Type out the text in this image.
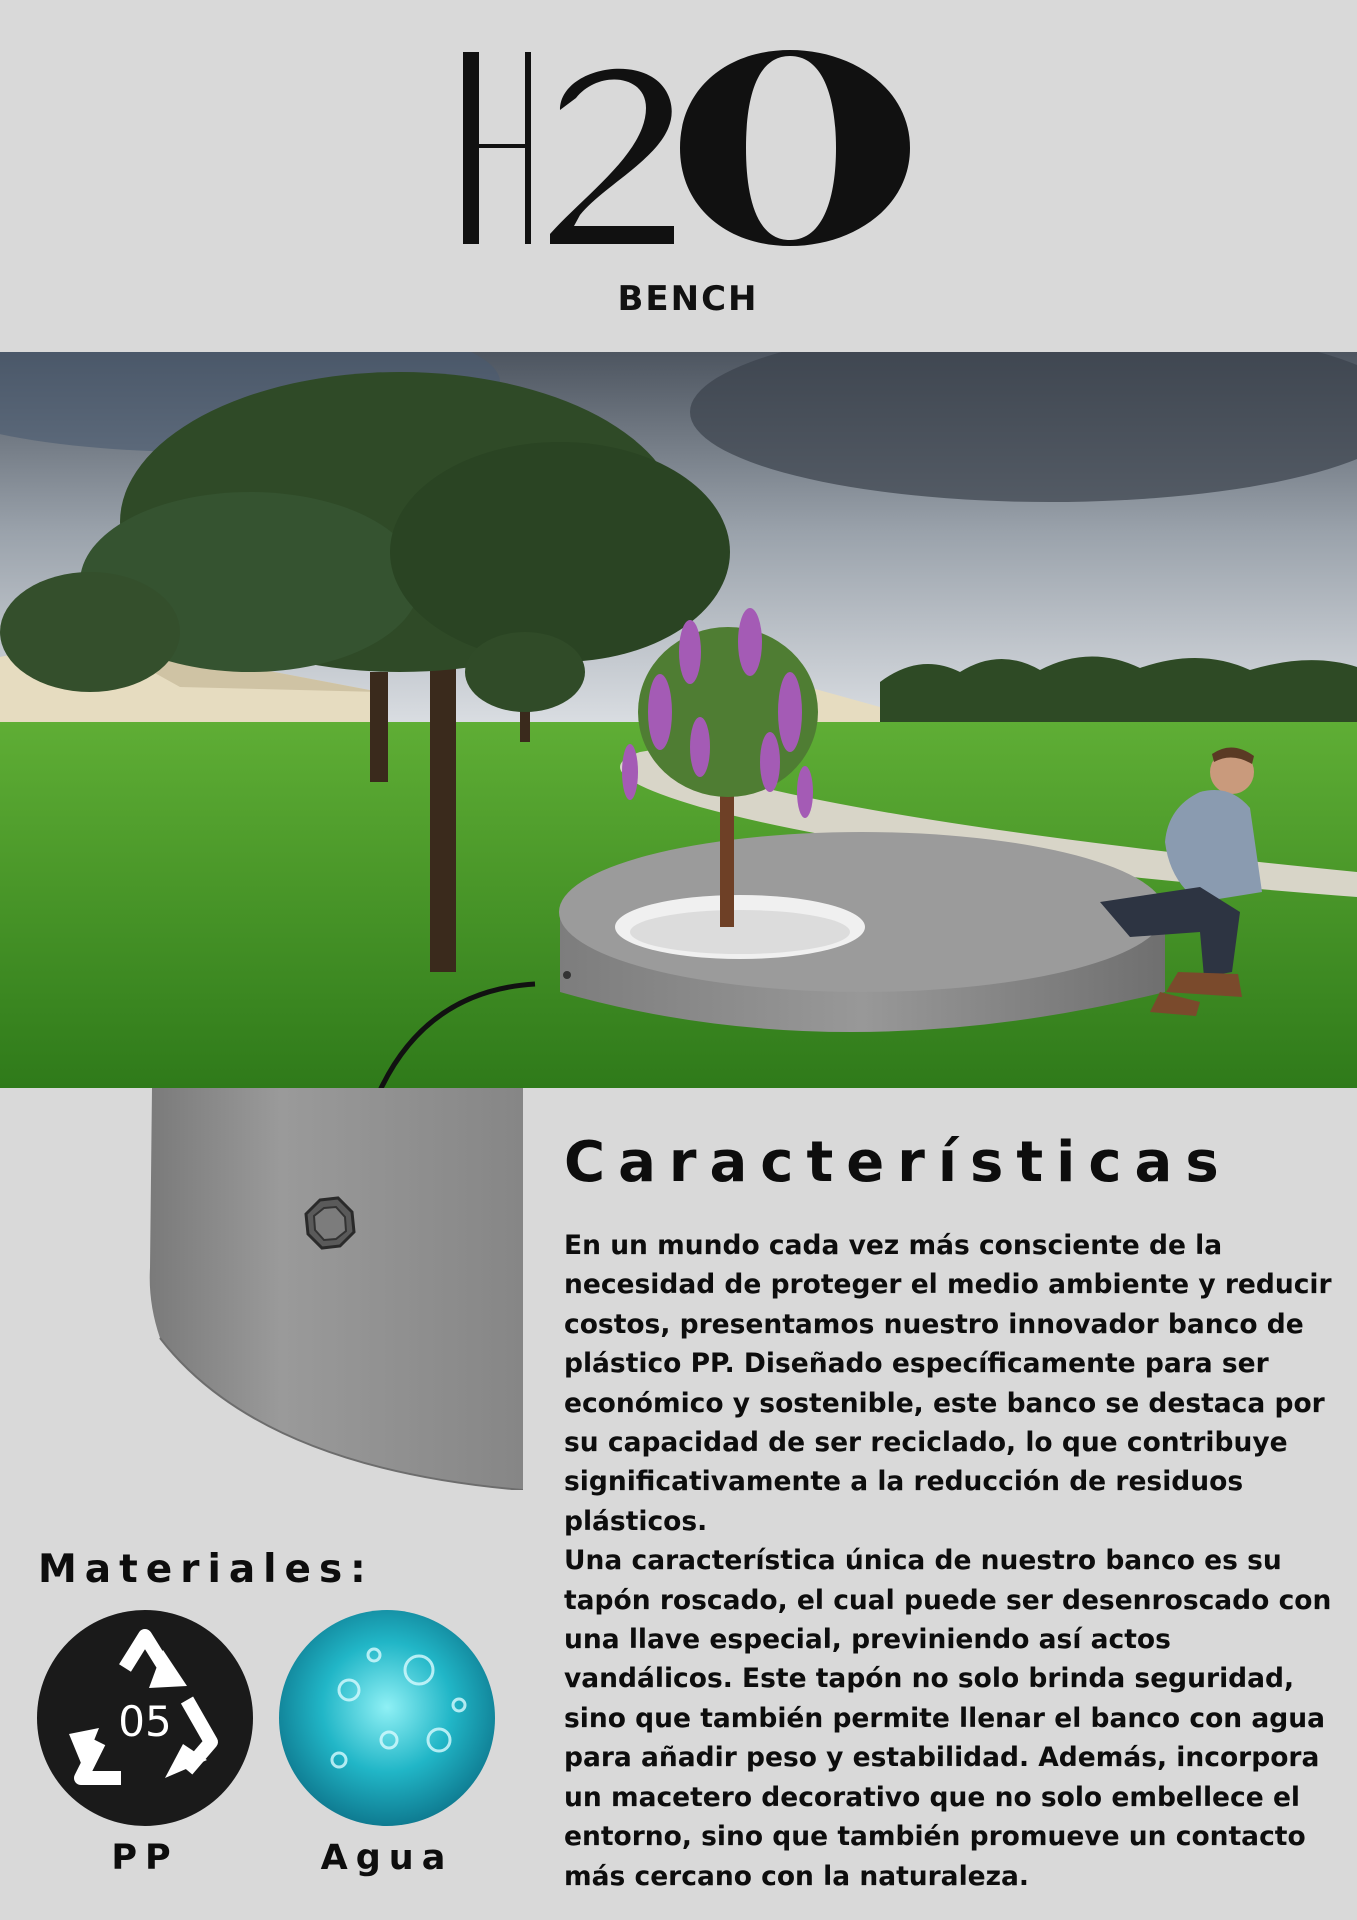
BENCH
Características

En un mundo cada vez más consciente de la necesidad de proteger el medio ambiente y reducir costos, presentamos nuestro innovador banco de plástico PP. Diseñado específicamente para ser económico y sostenible, este banco se destaca por su capacidad de ser reciclado, lo que contribuye significativamente a la reducción de residuos plásticos.

Una característica única de nuestro banco es su tapón roscado, el cual puede ser desenroscado con una llave especial, previniendo así actos vandálicos. Este tapón no solo brinda seguridad, sino que también permite llenar el banco con agua para añadir peso y estabilidad. Además, incorpora un macetero decorativo que no solo embellece el entorno, sino que también promueve un contacto más cercano con la naturaleza.

Materiales:
05
PP	Agua
